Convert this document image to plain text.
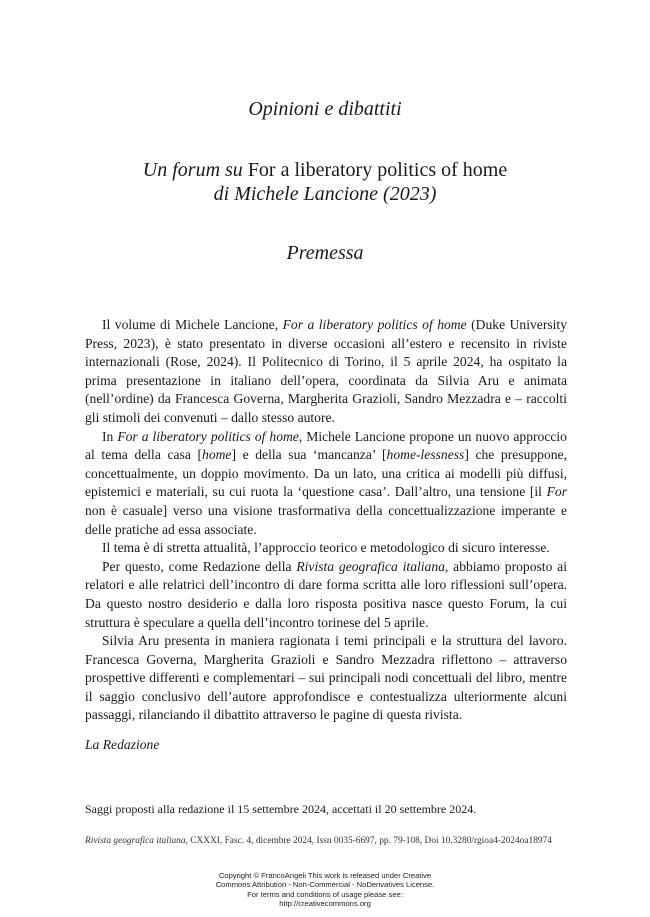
Opinioni e dibattiti
Un forum su For a liberatory politics of home
di Michele Lancione (2023)
Premessa

Il volume di Michele Lancione, For a liberatory politics of home (Duke University Press, 2023), è stato presentato in diverse occasioni all’estero e recensito in riviste internazionali (Rose, 2024). Il Politecnico di Torino, il 5 aprile 2024, ha ospitato la prima presentazione in italiano dell’opera, coordinata da Silvia Aru e animata (nell’ordine) da Francesca Governa, Margherita Grazioli, Sandro Mezzadra e – raccolti gli stimoli dei convenuti – dallo stesso autore.

In For a liberatory politics of home, Michele Lancione propone un nuovo approccio al tema della casa [home] e della sua ‘mancanza’ [home-lessness] che presuppone, concettualmente, un doppio movimento. Da un lato, una critica ai modelli più diffusi, epistemici e materiali, su cui ruota la ‘questione casa’. Dall’altro, una tensione [il For non è casuale] verso una visione trasformativa della concettualizzazione imperante e delle pratiche ad essa associate.

Il tema è di stretta attualità, l’approccio teorico e metodologico di sicuro interesse.

Per questo, come Redazione della Rivista geografica italiana, abbiamo proposto ai relatori e alle relatrici dell’incontro di dare forma scritta alle loro riflessioni sull’opera. Da questo nostro desiderio e dalla loro risposta positiva nasce questo Forum, la cui struttura è speculare a quella dell’incontro torinese del 5 aprile.

Silvia Aru presenta in maniera ragionata i temi principali e la struttura del lavoro. Francesca Governa, Margherita Grazioli e Sandro Mezzadra riflettono – attraverso prospettive differenti e complementari – sui principali nodi concettuali del libro, mentre il saggio conclusivo dell’autore approfondisce e contestualizza ulteriormente alcuni passaggi, rilanciando il dibattito attraverso le pagine di questa rivista.

La Redazione
Saggi proposti alla redazione il 15 settembre 2024, accettati il 20 settembre 2024.
Rivista geografica italiana, CXXXI, Fasc. 4, dicembre 2024, Issn 0035-6697, pp. 79-108, Doi 10.3280/rgioa4-2024oa18974
Copyright © FrancoAngeli This work is released under Creative
Commons Attribution - Non-Commercial - NoDerivatives License.
For terms and conditions of usage please see:
http://creativecommons.org
